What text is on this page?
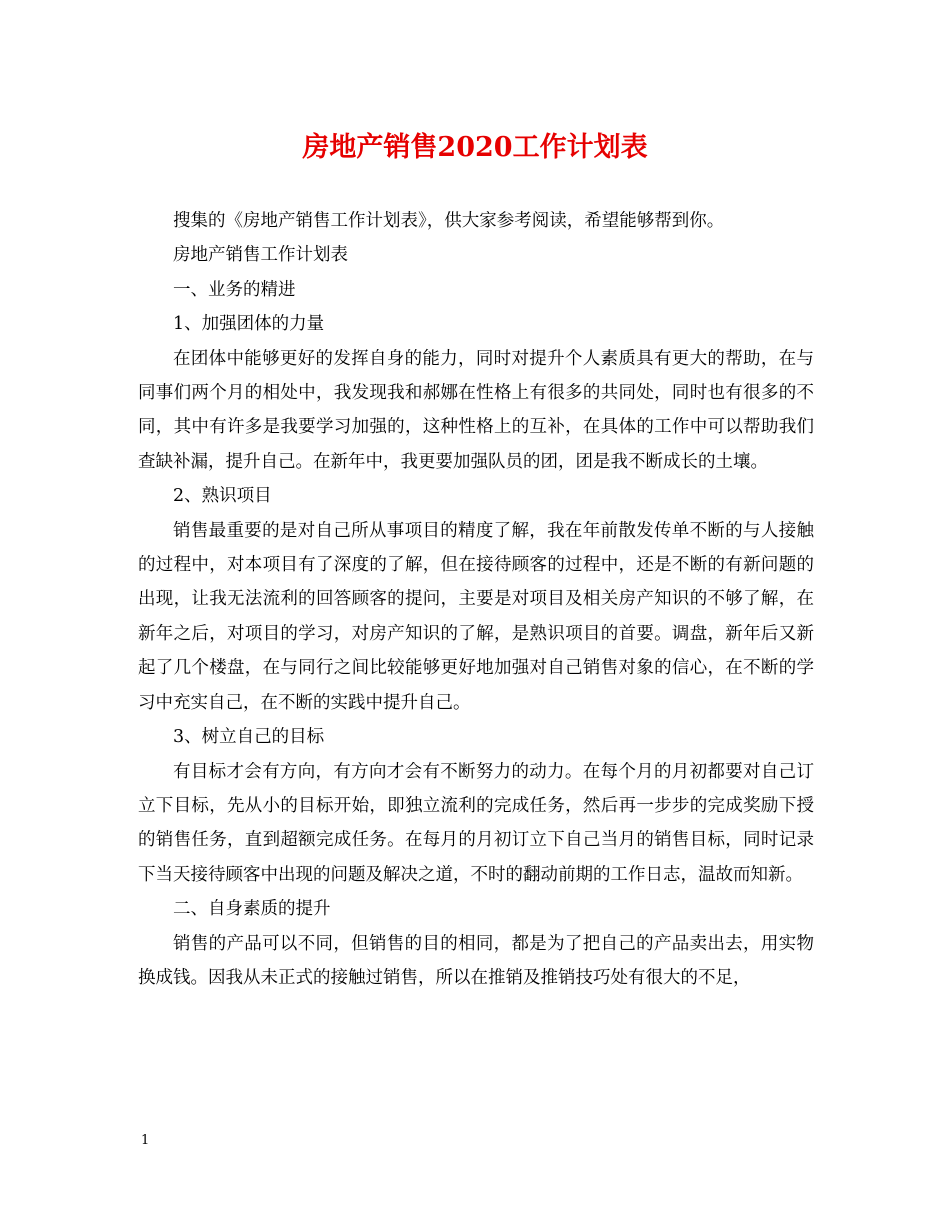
房地产销售2020工作计划表

搜集的《房地产销售工作计划表》，供大家参考阅读，希望能够帮到你。

房地产销售工作计划表

一、业务的精进

1、加强团体的力量

在团体中能够更好的发挥自身的能力，同时对提升个人素质具有更大的帮助，在与同事们两个月的相处中，我发现我和郝娜在性格上有很多的共同处，同时也有很多的不同，其中有许多是我要学习加强的，这种性格上的互补，在具体的工作中可以帮助我们查缺补漏，提升自己。在新年中，我更要加强队员的团，团是我不断成长的土壤。

2、熟识项目

销售最重要的是对自己所从事项目的精度了解，我在年前散发传单不断的与人接触的过程中，对本项目有了深度的了解，但在接待顾客的过程中，还是不断的有新问题的出现，让我无法流利的回答顾客的提问，主要是对项目及相关房产知识的不够了解，在新年之后，对项目的学习，对房产知识的了解，是熟识项目的首要。调盘，新年后又新起了几个楼盘，在与同行之间比较能够更好地加强对自己销售对象的信心，在不断的学习中充实自己，在不断的实践中提升自己。

3、树立自己的目标

有目标才会有方向，有方向才会有不断努力的动力。在每个月的月初都要对自己订立下目标，先从小的目标开始，即独立流利的完成任务，然后再一步步的完成奖励下授的销售任务，直到超额完成任务。在每月的月初订立下自己当月的销售目标，同时记录下当天接待顾客中出现的问题及解决之道，不时的翻动前期的工作日志，温故而知新。

二、自身素质的提升

销售的产品可以不同，但销售的目的相同，都是为了把自己的产品卖出去，用实物换成钱。因我从未正式的接触过销售，所以在推销及推销技巧处有很大的不足，

1
